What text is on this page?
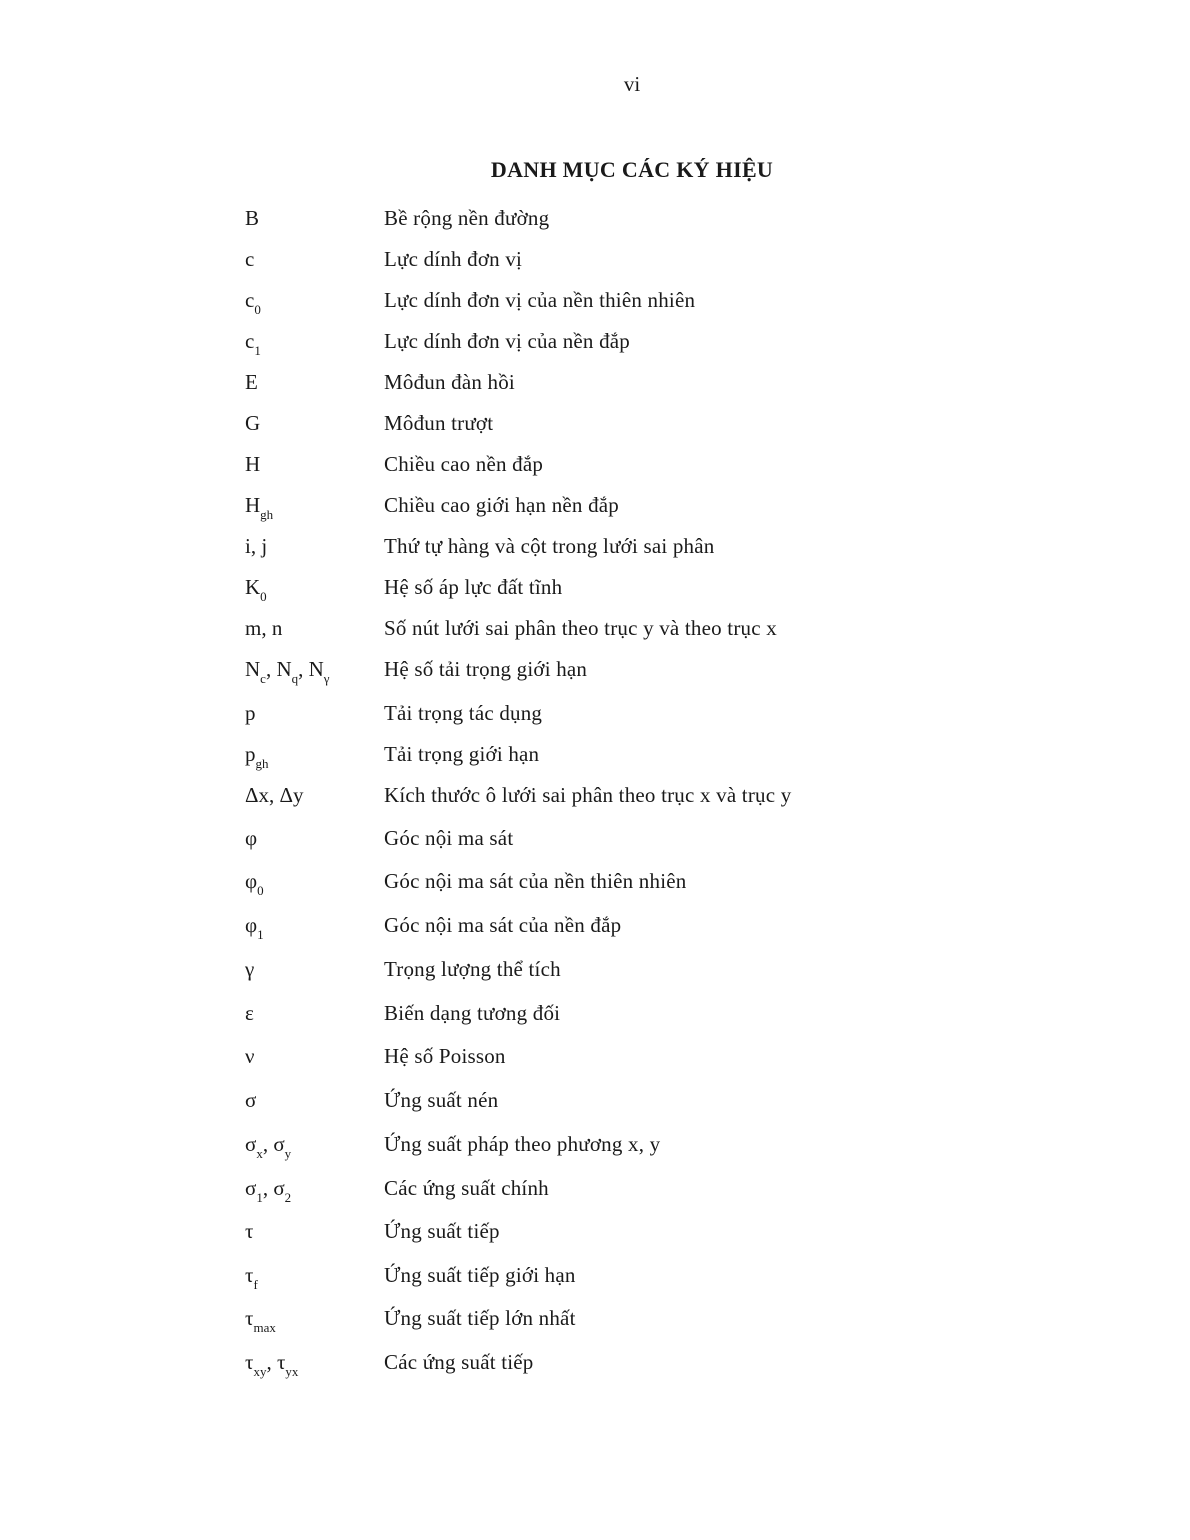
vi
DANH MỤC CÁC KÝ HIỆU
B	Bề rộng nền đường
c	Lực dính đơn vị
$c_0$	Lực dính đơn vị của nền thiên nhiên
$c_1$	Lực dính đơn vị của nền đắp
E	Môđun đàn hồi
G	Môđun trượt
H	Chiều cao nền đắp
$H_{gh}$	Chiều cao giới hạn nền đắp
i, j	Thứ tự hàng và cột trong lưới sai phân
$K_0$	Hệ số áp lực đất tĩnh
m, n	Số nút lưới sai phân theo trục y và theo trục x
$N_c$, $N_q$, $N_\gamma$	Hệ số tải trọng giới hạn
p	Tải trọng tác dụng
$p_{gh}$	Tải trọng giới hạn
Δx, Δy	Kích thước ô lưới sai phân theo trục x và trục y
φ	Góc nội ma sát
$\varphi_0$	Góc nội ma sát của nền thiên nhiên
$\varphi_1$	Góc nội ma sát của nền đắp
γ	Trọng lượng thể tích
ε	Biến dạng tương đối
ν	Hệ số Poisson
σ	Ứng suất nén
$\sigma_x$, $\sigma_y$	Ứng suất pháp theo phương x, y
$\sigma_1$, $\sigma_2$	Các ứng suất chính
τ	Ứng suất tiếp
$\tau_f$	Ứng suất tiếp giới hạn
$\tau_{max}$	Ứng suất tiếp lớn nhất
$\tau_{xy}$, $\tau_{yx}$	Các ứng suất tiếp
